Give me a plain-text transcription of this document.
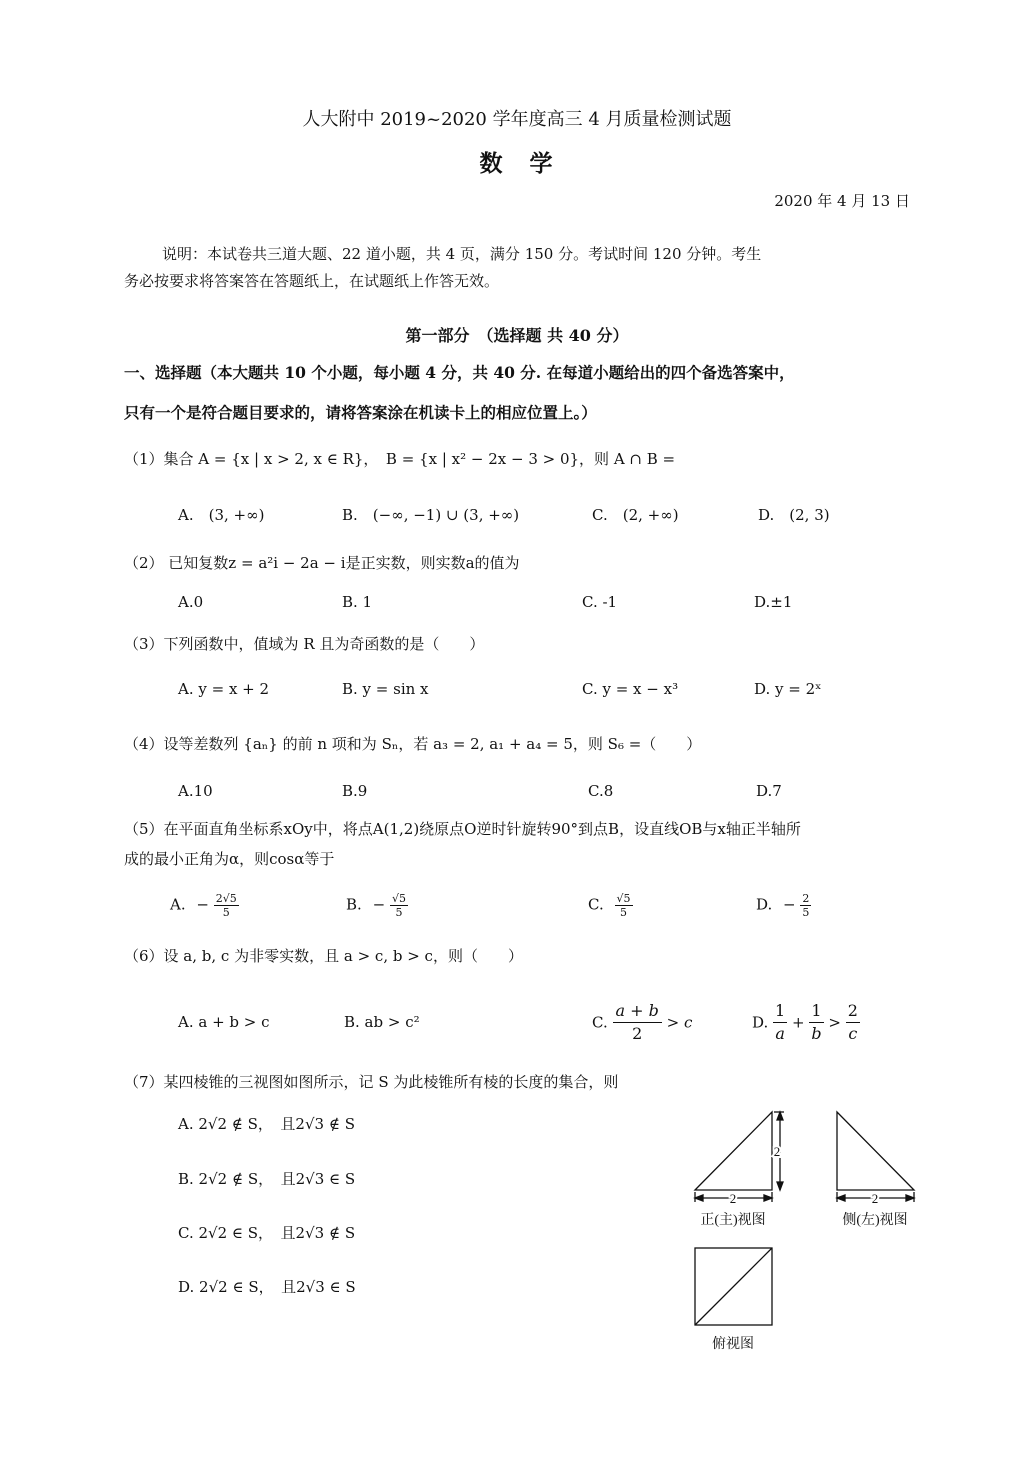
人大附中 2019~2020 学年度高三 4 月质量检测试题
数　学
2020 年 4 月 13 日
说明：本试卷共三道大题、22 道小题，共 4 页，满分 150 分。考试时间 120 分钟。考生
务必按要求将答案答在答题纸上，在试题纸上作答无效。
第一部分　（选择题 共 40 分）
一、选择题（本大题共 10 个小题，每小题 4 分，共 40 分. 在每道小题给出的四个备选答案中，
只有一个是符合题目要求的，请将答案涂在机读卡上的相应位置上。）
（1）集合 A = {x | x > 2, x ∈ R}，　B = {x | x² − 2x − 3 > 0}，则 A ∩ B =
A.　(3, +∞)	B.　(−∞, −1) ∪ (3, +∞)	C.　(2, +∞)	D.　(2, 3)
（2） 已知复数z = a²i − 2a − i是正实数，则实数a的值为
A.0	B. 1	C. -1	D.±1
（3）下列函数中，值域为 R 且为奇函数的是（　　）
A. y = x + 2	B. y = sin x	C. y = x − x³	D. y = 2ˣ
（4）设等差数列 {aₙ} 的前 n 项和为 Sₙ，若 a₃ = 2, a₁ + a₄ = 5，则 S₆ =（　　）
A.10	B.9	C.8	D.7
（5）在平面直角坐标系xOy中，将点A(1,2)绕原点O逆时针旋转90°到点B，设直线OB与x轴正半轴所
成的最小正角为α，则cosα等于
A. − $\frac{2√5}{5}$	B. − $\frac{√5}{5}$	C. $\frac{√5}{5}$	D. − $\frac{2}{5}$
（6）设 a, b, c 为非零实数，且 a > c, b > c，则（　　）
A. a + b > c	B. ab > c²	C. $\frac{a + b}{2} > c$	D. $\frac{1}{a} + \frac{1}{b} > \frac{2}{c}$
（7）某四棱锥的三视图如图所示，记 S 为此棱锥所有棱的长度的集合，则
A. 2√2 ∉ S，　且2√3 ∉ S
B. 2√2 ∉ S，　且2√3 ∈ S
C. 2√2 ∈ S，　且2√3 ∉ S
D. 2√2 ∈ S，　且2√3 ∈ S
2
2
正(主)视图
2
侧(左)视图
俯视图
